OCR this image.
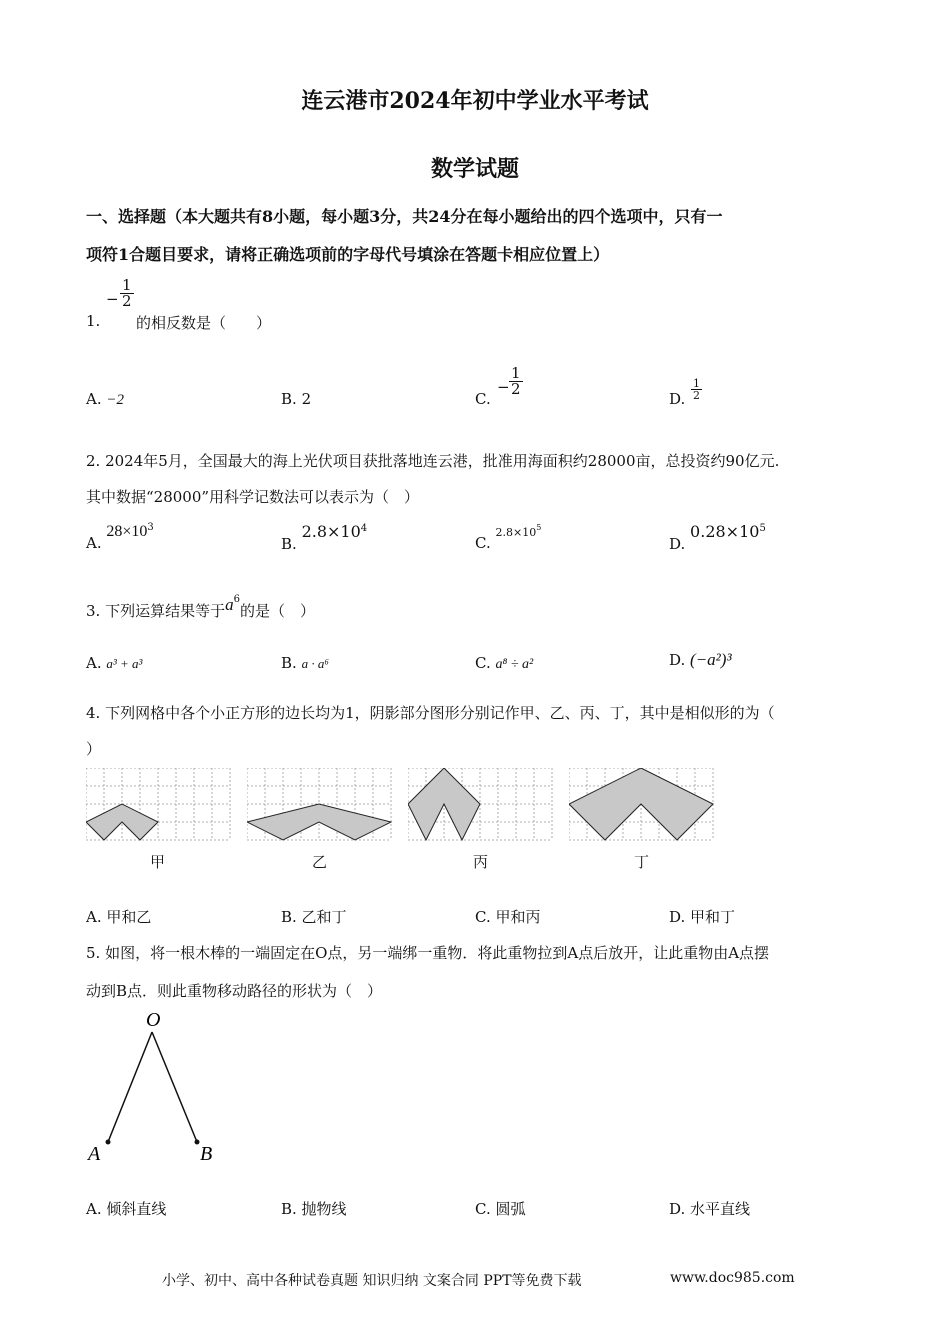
连云港市2024年初中学业水平考试
数学试题
一、选择题（本大题共有8小题，每小题3分，共24分在每小题给出的四个选项中，只有一
项符1合题目要求，请将正确选项前的字母代号填涂在答题卡相应位置上）
1.
− $\frac{1}{2}$
的相反数是（　　）
A. −2	B. 2	C.
− $\frac{1}{2}$
D. $\frac{1}{2}$
2. 2024年5月，全国最大的海上光伏项目获批落地连云港，批准用海面积约28000亩，总投资约90亿元.
其中数据“28000”用科学记数法可以表示为（　）
A. $28\times 10^3$
B. $2.8\times 10^4$
C. $2.8\times 10^5$
D. $0.28\times 10^5$
3. 下列运算结果等于$a^6$的是（　）
A. a³ + a³	B. a · a⁶	C. a⁸ ÷ a²	D. (−a²)³
4. 下列网格中各个小正方形的边长均为1，阴影部分图形分别记作甲、乙、丙、丁，其中是相似形的为（
）
甲	乙	丙	丁
A. 甲和乙	B. 乙和丁	C. 甲和丙	D. 甲和丁
5. 如图，将一根木棒的一端固定在O点，另一端绑一重物．将此重物拉到A点后放开，让此重物由A点摆
动到B点．则此重物移动路径的形状为（　）
O
A	B
A. 倾斜直线	B. 抛物线	C. 圆弧	D. 水平直线
小学、初中、高中各种试卷真题 知识归纳 文案合同 PPT等免费下载	www.doc985.com
